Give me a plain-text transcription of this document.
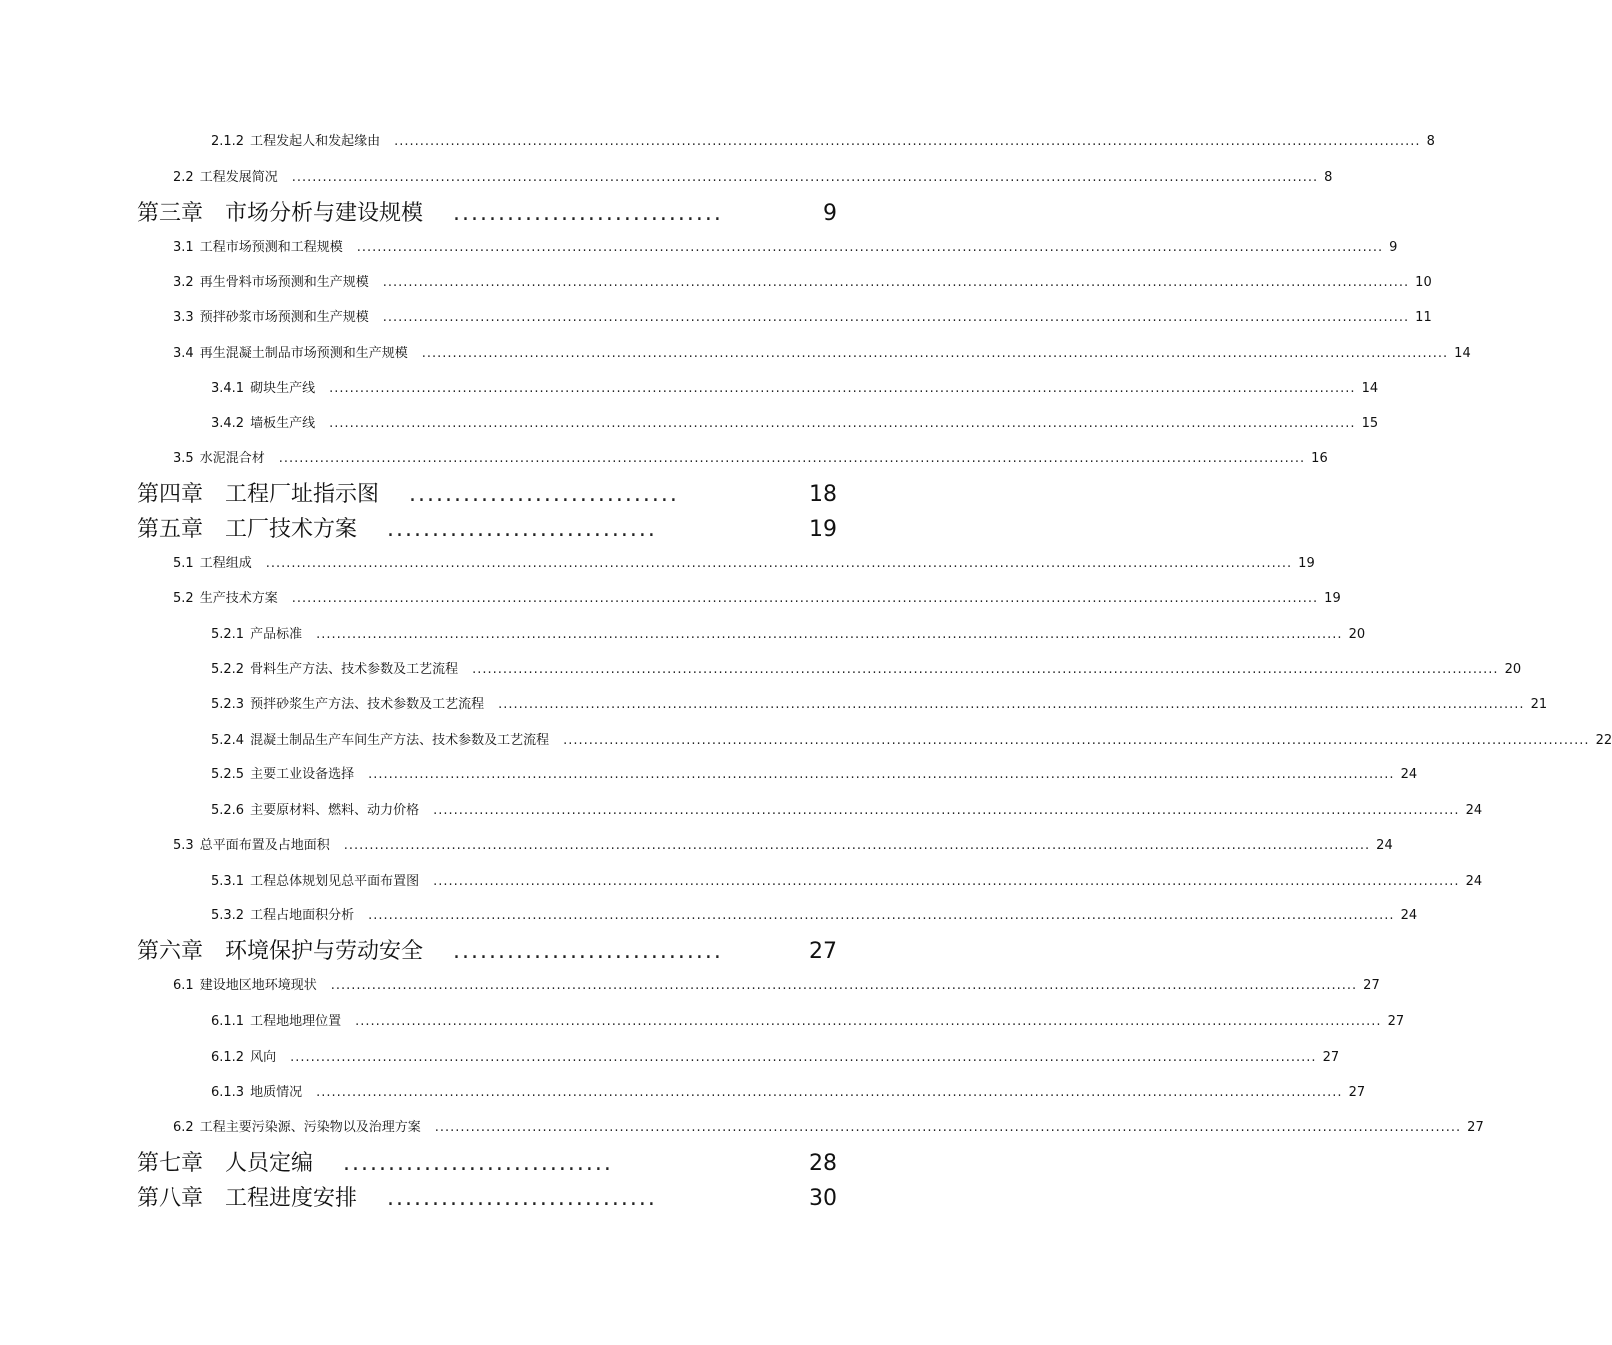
2.1.2 工程发起人和发起缘由 ........................................................................................................................................................................................................ 8
2.2 工程发展简况 ........................................................................................................................................................................................................ 8
第三章 市场分析与建设规模 ..............................	9
3.1 工程市场预测和工程规模 ........................................................................................................................................................................................................ 9
3.2 再生骨料市场预测和生产规模 ........................................................................................................................................................................................................ 10
3.3 预拌砂浆市场预测和生产规模 ........................................................................................................................................................................................................ 11
3.4 再生混凝土制品市场预测和生产规模 ........................................................................................................................................................................................................ 14
3.4.1 砌块生产线 ........................................................................................................................................................................................................ 14
3.4.2 墙板生产线 ........................................................................................................................................................................................................ 15
3.5 水泥混合材 ........................................................................................................................................................................................................ 16
第四章 工程厂址指示图 ..............................	18
第五章 工厂技术方案 ..............................	19
5.1 工程组成 ........................................................................................................................................................................................................ 19
5.2 生产技术方案 ........................................................................................................................................................................................................ 19
5.2.1 产品标准 ........................................................................................................................................................................................................ 20
5.2.2 骨料生产方法、技术参数及工艺流程 ........................................................................................................................................................................................................ 20
5.2.3 预拌砂浆生产方法、技术参数及工艺流程 ........................................................................................................................................................................................................ 21
5.2.4 混凝土制品生产车间生产方法、技术参数及工艺流程 ........................................................................................................................................................................................................ 22
5.2.5 主要工业设备选择 ........................................................................................................................................................................................................ 24
5.2.6 主要原材料、燃料、动力价格 ........................................................................................................................................................................................................ 24
5.3 总平面布置及占地面积 ........................................................................................................................................................................................................ 24
5.3.1 工程总体规划见总平面布置图 ........................................................................................................................................................................................................ 24
5.3.2 工程占地面积分析 ........................................................................................................................................................................................................ 24
第六章 环境保护与劳动安全 ..............................	27
6.1 建设地区地环境现状 ........................................................................................................................................................................................................ 27
6.1.1 工程地地理位置 ........................................................................................................................................................................................................ 27
6.1.2 风向 ........................................................................................................................................................................................................ 27
6.1.3 地质情况 ........................................................................................................................................................................................................ 27
6.2 工程主要污染源、污染物以及治理方案 ........................................................................................................................................................................................................ 27
第七章 人员定编 ..............................	28
第八章 工程进度安排 ..............................	30
